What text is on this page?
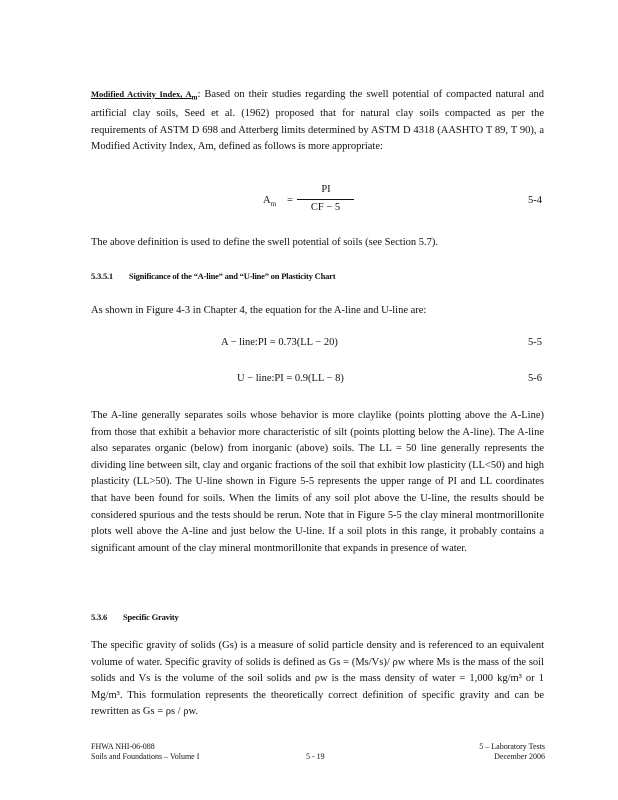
Modified Activity Index, $A_m$: Based on their studies regarding the swell potential of compacted natural and artificial clay soils, Seed et al. (1962) proposed that for natural clay soils compacted as per the requirements of ASTM D 698 and Atterberg limits determined by ASTM D 4318 (AASHTO T 89, T 90), a Modified Activity Index, Am, defined as follows is more appropriate:

$A_m$ =
PI
CF − 5
5-4

The above definition is used to define the swell potential of soils (see Section 5.7).

5.3.5.1 Significance of the “A-line” and “U-line” on Plasticity Chart

As shown in Figure 4-3 in Chapter 4, the equation for the A-line and U-line are:

A − line:PI = 0.73(LL − 20)	5-5
U − line:PI = 0.9(LL − 8)	5-6

The A-line generally separates soils whose behavior is more claylike (points plotting above the A-Line) from those that exhibit a behavior more characteristic of silt (points plotting below the A-line). The A-line also separates organic (below) from inorganic (above) soils. The LL = 50 line generally represents the dividing line between silt, clay and organic fractions of the soil that exhibit low plasticity (LL<50) and high plasticity (LL>50). The U-line shown in Figure 5-5 represents the upper range of PI and LL coordinates that have been found for soils. When the limits of any soil plot above the U-line, the results should be considered spurious and the tests should be rerun. Note that in Figure 5-5 the clay mineral montmorillonite plots well above the A-line and just below the U-line. If a soil plots in this range, it probably contains a significant amount of the clay mineral montmorillonite that expands in presence of water.

5.3.6 Specific Gravity

The specific gravity of solids (Gs) is a measure of solid particle density and is referenced to an equivalent volume of water. Specific gravity of solids is defined as Gs = (Ms/Vs)/ ρw where Ms is the mass of the soil solids and Vs is the volume of the soil solids and ρw is the mass density of water = 1,000 kg/m³ or 1 Mg/m³. This formulation represents the theoretically correct definition of specific gravity and can be rewritten as Gs = ρs / ρw.

FHWA NHI-06-088
Soils and Foundations – Volume I	5 - 19
5 – Laboratory Tests
December 2006
